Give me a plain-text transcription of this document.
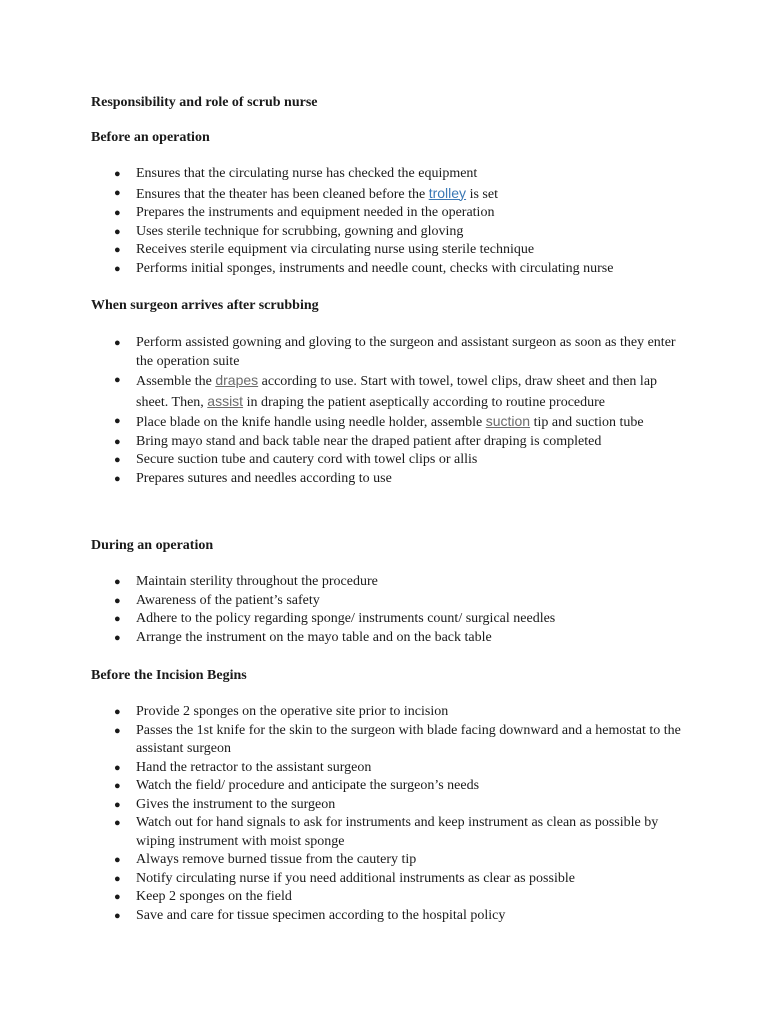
Responsibility and role of scrub nurse
Before an operation
● Ensures that the circulating nurse has checked the equipment
● Ensures that the theater has been cleaned before the trolley is set
● Prepares the instruments and equipment needed in the operation
● Uses sterile technique for scrubbing, gowning and gloving
● Receives sterile equipment via circulating nurse using sterile technique
● Performs initial sponges, instruments and needle count, checks with circulating nurse
When surgeon arrives after scrubbing
● Perform assisted gowning and gloving to the surgeon and assistant surgeon as soon as they enter the operation suite
● Assemble the drapes according to use. Start with towel, towel clips, draw sheet and then lap sheet. Then, assist in draping the patient aseptically according to routine procedure
● Place blade on the knife handle using needle holder, assemble suction tip and suction tube
● Bring mayo stand and back table near the draped patient after draping is completed
● Secure suction tube and cautery cord with towel clips or allis
● Prepares sutures and needles according to use
During an operation
● Maintain sterility throughout the procedure
● Awareness of the patient’s safety
● Adhere to the policy regarding sponge/ instruments count/ surgical needles
● Arrange the instrument on the mayo table and on the back table
Before the Incision Begins
● Provide 2 sponges on the operative site prior to incision
● Passes the 1st knife for the skin to the surgeon with blade facing downward and a hemostat to the assistant surgeon
● Hand the retractor to the assistant surgeon
● Watch the field/ procedure and anticipate the surgeon’s needs
● Gives the instrument to the surgeon
● Watch out for hand signals to ask for instruments and keep instrument as clean as possible by wiping instrument with moist sponge
● Always remove burned tissue from the cautery tip
● Notify circulating nurse if you need additional instruments as clear as possible
● Keep 2 sponges on the field
● Save and care for tissue specimen according to the hospital policy
